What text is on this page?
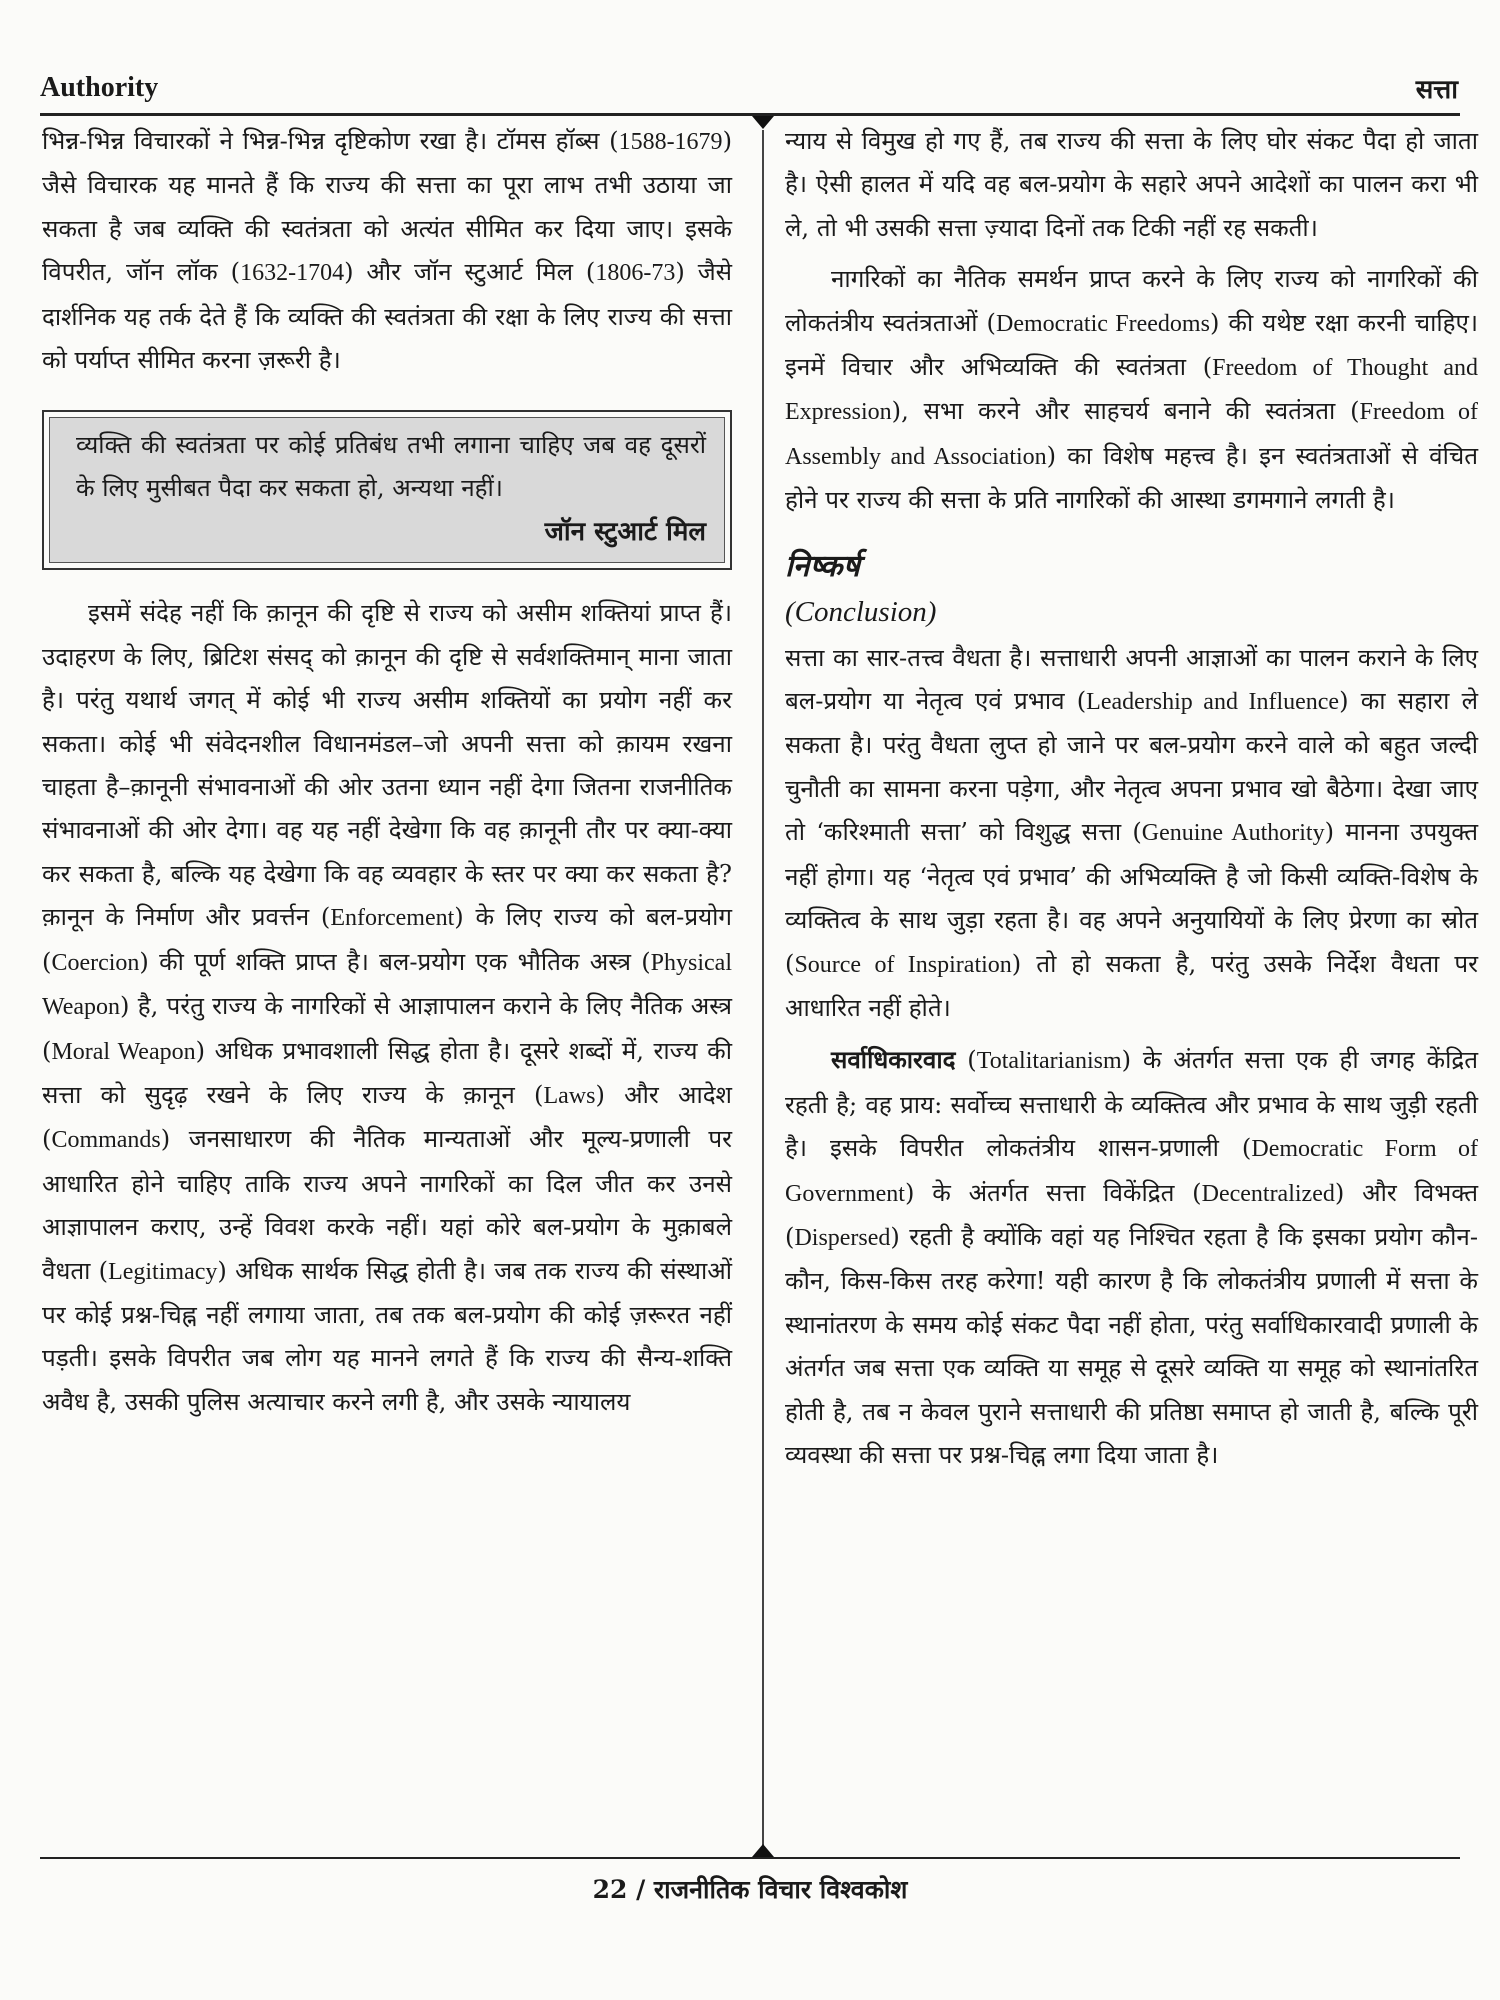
Authority	सत्ता

भिन्न-भिन्न विचारकों ने भिन्न-भिन्न दृष्टिकोण रखा है। टॉमस हॉब्स (1588-1679) जैसे विचारक यह मानते हैं कि राज्य की सत्ता का पूरा लाभ तभी उठाया जा सकता है जब व्यक्ति की स्वतंत्रता को अत्यंत सीमित कर दिया जाए। इसके विपरीत, जॉन लॉक (1632-1704) और जॉन स्टुआर्ट मिल (1806-73) जैसे दार्शनिक यह तर्क देते हैं कि व्यक्ति की स्वतंत्रता की रक्षा के लिए राज्य की सत्ता को पर्याप्त सीमित करना ज़रूरी है।

व्यक्ति की स्वतंत्रता पर कोई प्रतिबंध तभी लगाना चाहिए जब वह दूसरों के लिए मुसीबत पैदा कर सकता हो, अन्यथा नहीं।
जॉन स्टुआर्ट मिल

इसमें संदेह नहीं कि क़ानून की दृष्टि से राज्य को असीम शक्तियां प्राप्त हैं। उदाहरण के लिए, ब्रिटिश संसद् को क़ानून की दृष्टि से सर्वशक्तिमान् माना जाता है। परंतु यथार्थ जगत् में कोई भी राज्य असीम शक्तियों का प्रयोग नहीं कर सकता। कोई भी संवेदनशील विधानमंडल–जो अपनी सत्ता को क़ायम रखना चाहता है–क़ानूनी संभावनाओं की ओर उतना ध्यान नहीं देगा जितना राजनीतिक संभावनाओं की ओर देगा। वह यह नहीं देखेगा कि वह क़ानूनी तौर पर क्या-क्या कर सकता है, बल्कि यह देखेगा कि वह व्यवहार के स्तर पर क्या कर सकता है? क़ानून के निर्माण और प्रवर्त्तन (Enforcement) के लिए राज्य को बल-प्रयोग (Coercion) की पूर्ण शक्ति प्राप्त है। बल-प्रयोग एक भौतिक अस्त्र (Physical Weapon) है, परंतु राज्य के नागरिकों से आज्ञापालन कराने के लिए नैतिक अस्त्र (Moral Weapon) अधिक प्रभावशाली सिद्ध होता है। दूसरे शब्दों में, राज्य की सत्ता को सुदृढ़ रखने के लिए राज्य के क़ानून (Laws) और आदेश (Commands) जनसाधारण की नैतिक मान्यताओं और मूल्य-प्रणाली पर आधारित होने चाहिए ताकि राज्य अपने नागरिकों का दिल जीत कर उनसे आज्ञापालन कराए, उन्हें विवश करके नहीं। यहां कोरे बल-प्रयोग के मुक़ाबले वैधता (Legitimacy) अधिक सार्थक सिद्ध होती है। जब तक राज्य की संस्थाओं पर कोई प्रश्न-चिह्न नहीं लगाया जाता, तब तक बल-प्रयोग की कोई ज़रूरत नहीं पड़ती। इसके विपरीत जब लोग यह मानने लगते हैं कि राज्य की सैन्य-शक्ति अवैध है, उसकी पुलिस अत्याचार करने लगी है, और उसके न्यायालय

न्याय से विमुख हो गए हैं, तब राज्य की सत्ता के लिए घोर संकट पैदा हो जाता है। ऐसी हालत में यदि वह बल-प्रयोग के सहारे अपने आदेशों का पालन करा भी ले, तो भी उसकी सत्ता ज़्यादा दिनों तक टिकी नहीं रह सकती।

नागरिकों का नैतिक समर्थन प्राप्त करने के लिए राज्य को नागरिकों की लोकतंत्रीय स्वतंत्रताओं (Democratic Freedoms) की यथेष्ट रक्षा करनी चाहिए। इनमें विचार और अभिव्यक्ति की स्वतंत्रता (Freedom of Thought and Expression), सभा करने और साहचर्य बनाने की स्वतंत्रता (Freedom of Assembly and Association) का विशेष महत्त्व है। इन स्वतंत्रताओं से वंचित होने पर राज्य की सत्ता के प्रति नागरिकों की आस्था डगमगाने लगती है।

निष्कर्ष
(Conclusion)

सत्ता का सार-तत्त्व वैधता है। सत्ताधारी अपनी आज्ञाओं का पालन कराने के लिए बल-प्रयोग या नेतृत्व एवं प्रभाव (Leadership and Influence) का सहारा ले सकता है। परंतु वैधता लुप्त हो जाने पर बल-प्रयोग करने वाले को बहुत जल्दी चुनौती का सामना करना पड़ेगा, और नेतृत्व अपना प्रभाव खो बैठेगा। देखा जाए तो ‘करिश्माती सत्ता’ को विशुद्ध सत्ता (Genuine Authority) मानना उपयुक्त नहीं होगा। यह ‘नेतृत्व एवं प्रभाव’ की अभिव्यक्ति है जो किसी व्यक्ति-विशेष के व्यक्तित्व के साथ जुड़ा रहता है। वह अपने अनुयायियों के लिए प्रेरणा का स्रोत (Source of Inspiration) तो हो सकता है, परंतु उसके निर्देश वैधता पर आधारित नहीं होते।

सर्वाधिकारवाद (Totalitarianism) के अंतर्गत सत्ता एक ही जगह केंद्रित रहती है; वह प्राय: सर्वोच्च सत्ताधारी के व्यक्तित्व और प्रभाव के साथ जुड़ी रहती है। इसके विपरीत लोकतंत्रीय शासन-प्रणाली (Democratic Form of Government) के अंतर्गत सत्ता विकेंद्रित (Decentralized) और विभक्त (Dispersed) रहती है क्योंकि वहां यह निश्चित रहता है कि इसका प्रयोग कौन-कौन, किस-किस तरह करेगा! यही कारण है कि लोकतंत्रीय प्रणाली में सत्ता के स्थानांतरण के समय कोई संकट पैदा नहीं होता, परंतु सर्वाधिकारवादी प्रणाली के अंतर्गत जब सत्ता एक व्यक्ति या समूह से दूसरे व्यक्ति या समूह को स्थानांतरित होती है, तब न केवल पुराने सत्ताधारी की प्रतिष्ठा समाप्त हो जाती है, बल्कि पूरी व्यवस्था की सत्ता पर प्रश्न-चिह्न लगा दिया जाता है।

22 / राजनीतिक विचार विश्वकोश
